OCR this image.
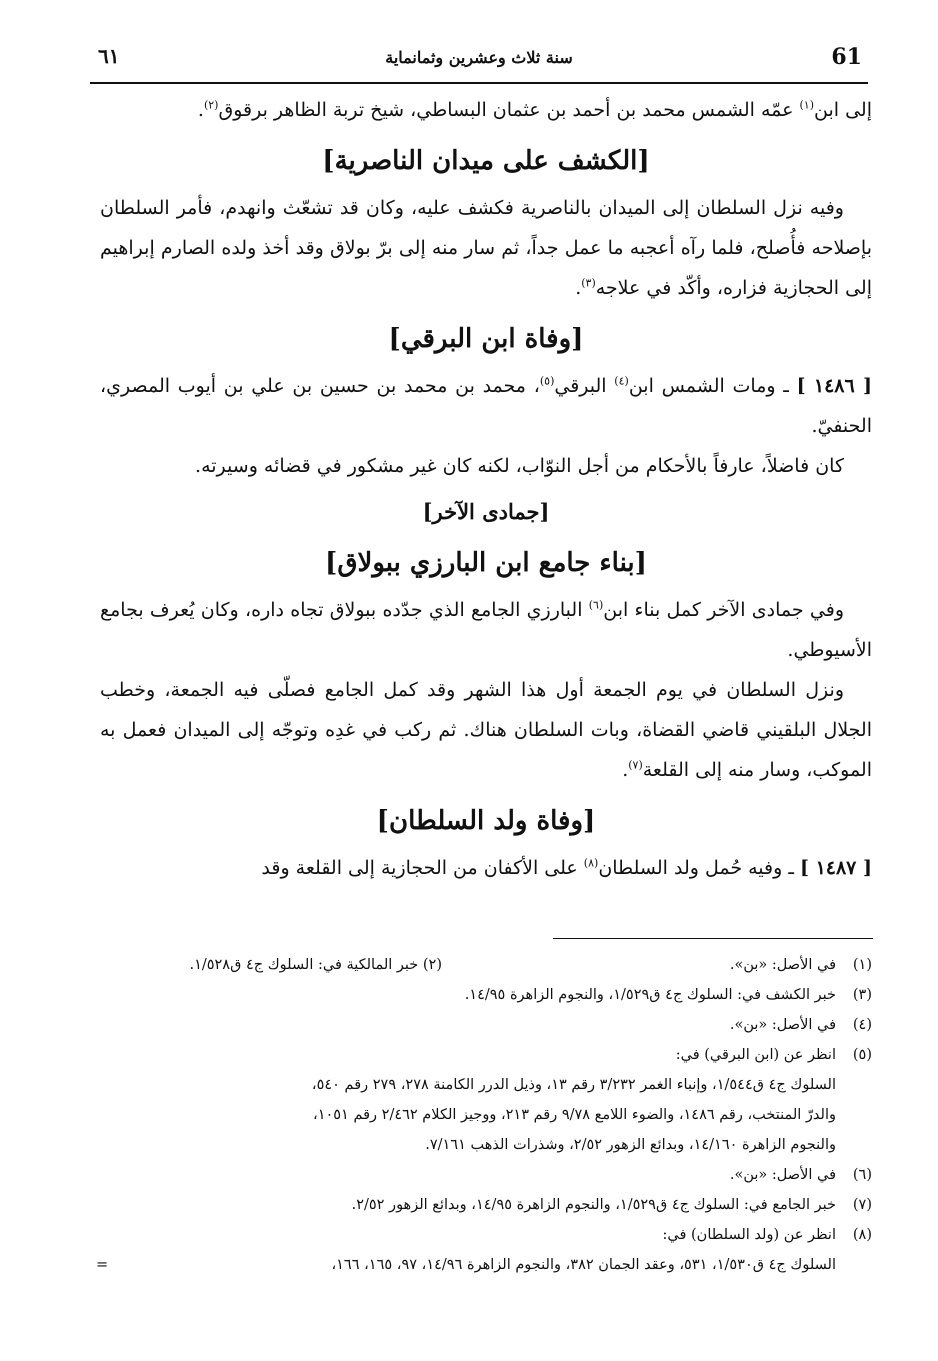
61
سنة ثلاث وعشرين وثمانماية
٦١

إلى ابن$^{(١)}$ عمّه الشمس محمد بن أحمد بن عثمان البساطي، شيخ تربة الظاهر برقوق$^{(٢)}$.

[الكشف على ميدان الناصرية]

وفيه نزل السلطان إلى الميدان بالناصرية فكشف عليه، وكان قد تشعّث وانهدم، فأمر السلطان بإصلاحه فأُصلح، فلما رآه أعجبه ما عمل جداً، ثم سار منه إلى برّ بولاق وقد أخذ ولده الصارم إبراهيم إلى الحجازية فزاره، وأكّد في علاجه$^{(٣)}$.

[وفاة ابن البرقي]

[ ١٤٨٦ ] ـ ومات الشمس ابن$^{(٤)}$ البرقي$^{(٥)}$، محمد بن محمد بن حسين بن علي بن أيوب المصري، الحنفيّ.

كان فاضلاً، عارفاً بالأحكام من أجل النوّاب، لكنه كان غير مشكور في قضائه وسيرته.

[جمادى الآخر]

[بناء جامع ابن البارزي ببولاق]

وفي جمادى الآخر كمل بناء ابن$^{(٦)}$ البارزي الجامع الذي جدّده ببولاق تجاه داره، وكان يُعرف بجامع الأسيوطي.

ونزل السلطان في يوم الجمعة أول هذا الشهر وقد كمل الجامع فصلّى فيه الجمعة، وخطب الجلال البلقيني قاضي القضاة، وبات السلطان هناك. ثم ركب في غدِه وتوجّه إلى الميدان فعمل به الموكب، وسار منه إلى القلعة$^{(٧)}$.

[وفاة ولد السلطان]

[ ١٤٨٧ ] ـ وفيه حُمل ولد السلطان$^{(٨)}$ على الأكفان من الحجازية إلى القلعة وقد

(١)في الأصل: «بن».
(٢) خبر المالكية في: السلوك ج٤ ق١/٥٢٨.
(٣)خبر الكشف في: السلوك ج٤ ق١/٥٢٩، والنجوم الزاهرة ١٤/٩٥.
(٤)في الأصل: «بن».
(٥)انظر عن (ابن البرقي) في:
السلوك ج٤ ق١/٥٤٤، وإنباء الغمر ٣/٢٣٢ رقم ١٣، وذيل الدرر الكامنة ٢٧٨، ٢٧٩ رقم ٥٤٠،
والدرّ المنتخب، رقم ١٤٨٦، والضوء اللامع ٩/٧٨ رقم ٢١٣، ووجيز الكلام ٢/٤٦٢ رقم ١٠٥١،
والنجوم الزاهرة ١٤/١٦٠، وبدائع الزهور ٢/٥٢، وشذرات الذهب ٧/١٦١.
(٦)في الأصل: «بن».
(٧)خبر الجامع في: السلوك ج٤ ق١/٥٢٩، والنجوم الزاهرة ١٤/٩٥، وبدائع الزهور ٢/٥٢.
(٨)انظر عن (ولد السلطان) في:
السلوك ج٤ ق١/٥٣٠، ٥٣١، وعقد الجمان ٣٨٢، والنجوم الزاهرة ١٤/٩٦، ٩٧، ١٦٥، ١٦٦،
=
